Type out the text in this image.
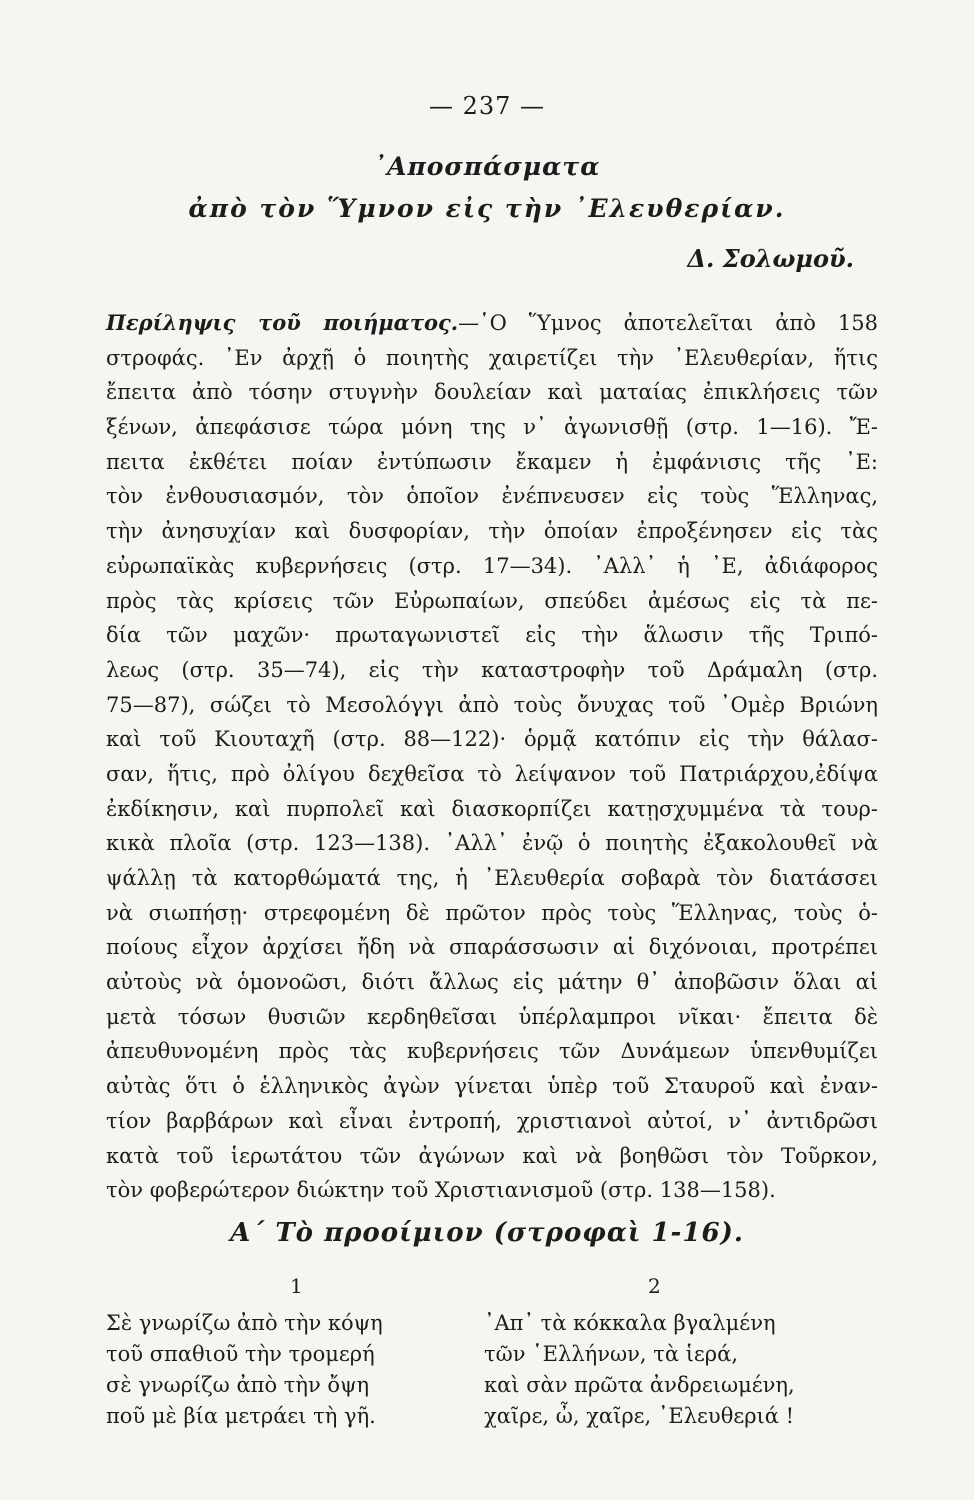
— 237 —
᾿Αποσπάσματα
ἀπὸ τὸν Ὕμνον εἰς τὴν ᾿Ελευθερίαν.
Δ. Σολωμοῦ.
Περίληψις τοῦ ποιήματος.—῾Ο Ὕμνος ἀποτελεῖται ἀπὸ 158
στροφάς. ᾿Εν ἀρχῇ ὁ ποιητὴς χαιρετίζει τὴν ᾿Ελευθερίαν, ἥτις
ἔπειτα ἀπὸ τόσην στυγνὴν δουλείαν καὶ ματαίας ἐπικλήσεις τῶν
ξένων, ἀπεφάσισε τώρα μόνη της ν᾿ ἀγωνισθῇ (στρ. 1—16). Ἔ-
πειτα ἐκθέτει ποίαν ἐντύπωσιν ἔκαμεν ἡ ἐμφάνισις τῆς ᾿Ε:
τὸν ἐνθουσιασμόν, τὸν ὁποῖον ἐνέπνευσεν εἰς τοὺς Ἕλληνας,
τὴν ἀνησυχίαν καὶ δυσφορίαν, τὴν ὁποίαν ἐπροξένησεν εἰς τὰς
εὐρωπαϊκὰς κυβερνήσεις (στρ. 17—34). ᾿Αλλ᾿ ἡ ᾿Ε, ἀδιάφορος
πρὸς τὰς κρίσεις τῶν Εὐρωπαίων, σπεύδει ἀμέσως εἰς τὰ πε-
δία τῶν μαχῶν· πρωταγωνιστεῖ εἰς τὴν ἅλωσιν τῆς Τριπό-
λεως (στρ. 35—74), εἰς τὴν καταστροφὴν τοῦ Δράμαλη (στρ.
75—87), σώζει τὸ Μεσολόγγι ἀπὸ τοὺς ὄνυχας τοῦ ᾿Ομὲρ Βριώνη
καὶ τοῦ Κιουταχῆ (στρ. 88—122)· ὁρμᾷ κατόπιν εἰς τὴν θάλασ-
σαν, ἥτις, πρὸ ὀλίγου δεχθεῖσα τὸ λείψανον τοῦ Πατριάρχου,ἐδίψα
ἐκδίκησιν, καὶ πυρπολεῖ καὶ διασκορπίζει κατῃσχυμμένα τὰ τουρ-
κικὰ πλοῖα (στρ. 123—138). ᾿Αλλ᾿ ἐνῷ ὁ ποιητὴς ἐξακολουθεῖ νὰ
ψάλλῃ τὰ κατορθώματά της, ἡ ᾿Ελευθερία σοβαρὰ τὸν διατάσσει
νὰ σιωπήσῃ· στρεφομένη δὲ πρῶτον πρὸς τοὺς Ἕλληνας, τοὺς ὁ-
ποίους εἶχον ἀρχίσει ἤδη νὰ σπαράσσωσιν αἱ διχόνοιαι, προτρέπει
αὐτοὺς νὰ ὁμονοῶσι, διότι ἄλλως εἰς μάτην θ᾿ ἀποβῶσιν ὅλαι αἱ
μετὰ τόσων θυσιῶν κερδηθεῖσαι ὑπέρλαμπροι νῖκαι· ἔπειτα δὲ
ἀπευθυνομένη πρὸς τὰς κυβερνήσεις τῶν Δυνάμεων ὑπενθυμίζει
αὐτὰς ὅτι ὁ ἑλληνικὸς ἀγὼν γίνεται ὑπὲρ τοῦ Σταυροῦ καὶ ἐναν-
τίον βαρβάρων καὶ εἶναι ἐντροπή, χριστιανοὶ αὐτοί, ν᾿ ἀντιδρῶσι
κατὰ τοῦ ἱερωτάτου τῶν ἀγώνων καὶ νὰ βοηθῶσι τὸν Τοῦρκον,
τὸν φοβερώτερον διώκτην τοῦ Χριστιανισμοῦ (στρ. 138—158).
Α΄ Τὸ προοίμιον (στροφαὶ 1-16).
1
Σὲ γνωρίζω ἀπὸ τὴν κόψη
τοῦ σπαθιοῦ τὴν τρομερή
σὲ γνωρίζω ἀπὸ τὴν ὄψη
ποῦ μὲ βία μετράει τὴ γῆ.
2
᾿Απ᾿ τὰ κόκκαλα βγαλμένη
τῶν ῾Ελλήνων, τὰ ἱερά,
καὶ σὰν πρῶτα ἀνδρειωμένη,
χαῖρε, ὦ, χαῖρε, ᾿Ελευθεριά !
